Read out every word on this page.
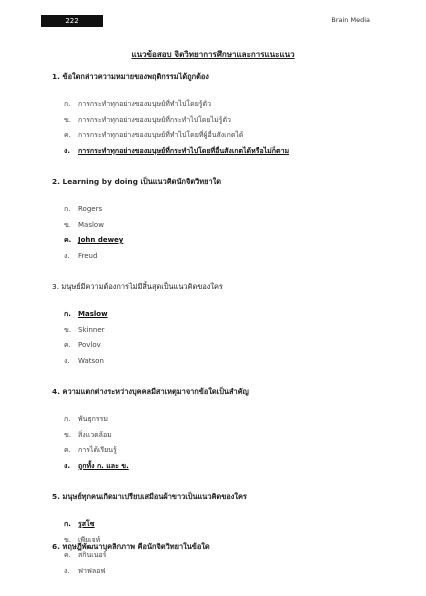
222	Brain Media
แนวข้อสอบ จิตวิทยาการศึกษาและการแนะแนว
1. ข้อใดกล่าวความหมายของพฤติกรรมได้ถูกต้อง
ก. การกระทำทุกอย่างของมนุษย์ที่ทำไปโดยรู้ตัว
ข. การกระทำทุกอย่างของมนุษย์ที่กระทำไปโดยไม่รู้ตัว
ค. การกระทำทุกอย่างของมนุษย์ที่ทำไปโดยที่ผู้อื่นสังเกตได้
ง. การกระทำทุกอย่างของมนุษย์ที่กระทำไปโดยที่อื่นสังเกตได้หรือไม่ก็ตาม
2. Learning by doing เป็นแนวคิดนักจิตวิทยาใด
ก. Rogers
ข. Maslow
ค. John dewey
ง. Freud
3. มนุษย์มีความต้องการไม่มีสิ้นสุดเป็นแนวคิดของใคร
ก. Maslow
ข. Skinner
ค. Povlov
ง. Watson
4. ความแตกต่างระหว่างบุคคลมีสาเหตุมาจากข้อใดเป็นสำคัญ
ก. พันธุกรรม
ข. สิ่งแวดล้อม
ค. การได้เรียนรู้
ง. ถูกทั้ง ก. และ ข.
5. มนุษย์ทุกคนเกิดมาเปรียบเสมือนผ้าขาวเป็นแนวคิดของใคร
ก. รูสโซ
ข. เพียเจท์
ค. สกินเนอร์
ง. ฟาฟลอฟ
6. ทฤษฎีพัฒนาบุคลิกภาพ คือนักจิตวิทยาในข้อใด
